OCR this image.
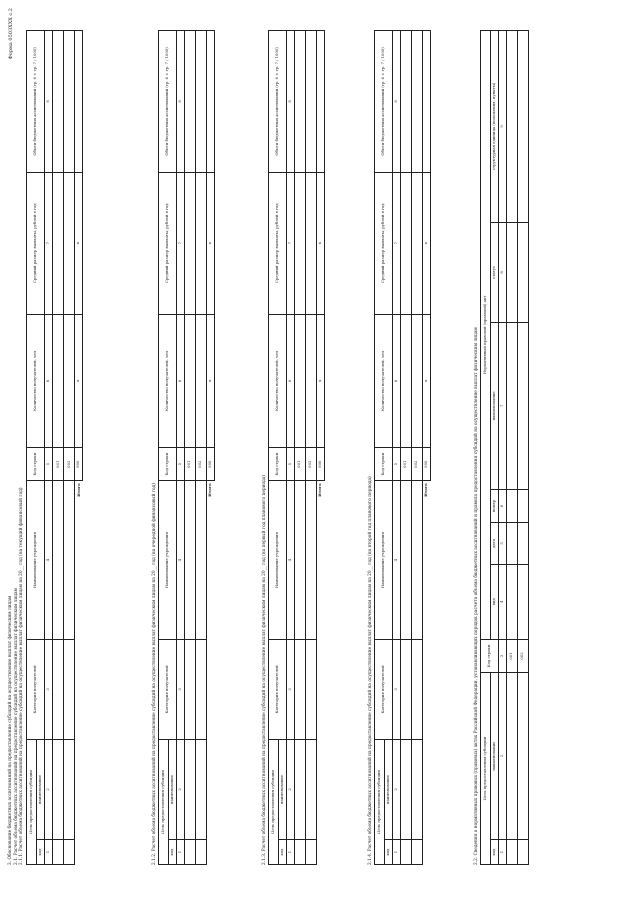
Форма 0503XXX с.2
2. Обоснование бюджетных ассигнований на предоставление субсидий на осуществление выплат физическим лицам 2.1. Расчет объема бюджетных ассигнований на предоставление субсидий на осуществление выплат физическим лицам 2.1.1. Расчет объема бюджетных ассигнований на предоставление субсидий на осуществление выплат физическим лицам на 20__ год (на текущий финансовый год) Цель предоставления субсидии		Категория получателей	Наименование учреждения	Код строки	Количество получателей, чел	Средний размер выплаты, рублей в год	Объем бюджетных ассигнований (гр. 6 × гр. 7 / 1000)
код	наименование						
1	2	3	4	5	6	7	8
				001			
				002			
Итого				900	х	х	
2.1.2. Расчет объема бюджетных ассигнований на предоставление субсидий на осуществление выплат физическим лицам на 20__ год (на очередной финансовый год) Цель предоставления субсидии		Категория получателей	Наименование учреждения	Код строки	Количество получателей, чел	Средний размер выплаты, рублей в год	Объем бюджетных ассигнований (гр. 6 × гр. 7 / 1000)
код	наименование						
1	2	3	4	5	6	7	8
				001			
				002			
Итого				900	х	х	
2.1.3. Расчет объема бюджетных ассигнований на предоставление субсидий на осуществление выплат физическим лицам на 20__ год (на первый год планового периода) Цель предоставления субсидии		Категория получателей	Наименование учреждения	Код строки	Количество получателей, чел	Средний размер выплаты, рублей в год	Объем бюджетных ассигнований (гр. 6 × гр. 7 / 1000)
код	наименование						
1	2	3	4	5	6	7	8
				001			
				002			
Итого				900	х	х	
2.1.4. Расчет объема бюджетных ассигнований на предоставление субсидий на осуществление выплат физическим лицам на 20__ год (на второй год планового периода) Цель предоставления субсидии		Категория получателей	Наименование учреждения	Код строки	Количество получателей, чел	Средний размер выплаты, рублей в год	Объем бюджетных ассигнований (гр. 6 × гр. 7 / 1000)
код	наименование						
1	2	3	4	5	6	7	8
				001			
				002			
Итого				900	х	х	
2.2. Сведения о нормативных правовых (правовых) актах Российской Федерации, устанавливающих порядок расчета объема бюджетных ассигнований и правила предоставления субсидий на осуществление выплат физическим лицам Цель предоставления субсидии		Код строки	Нормативный правовой (правовой) акт					
код	наименование		вид	дата	номер	наименование	статус	структурная единица (положения, пункты)
1	2	3	4	5	6	7	8	9
		001						
		002						
